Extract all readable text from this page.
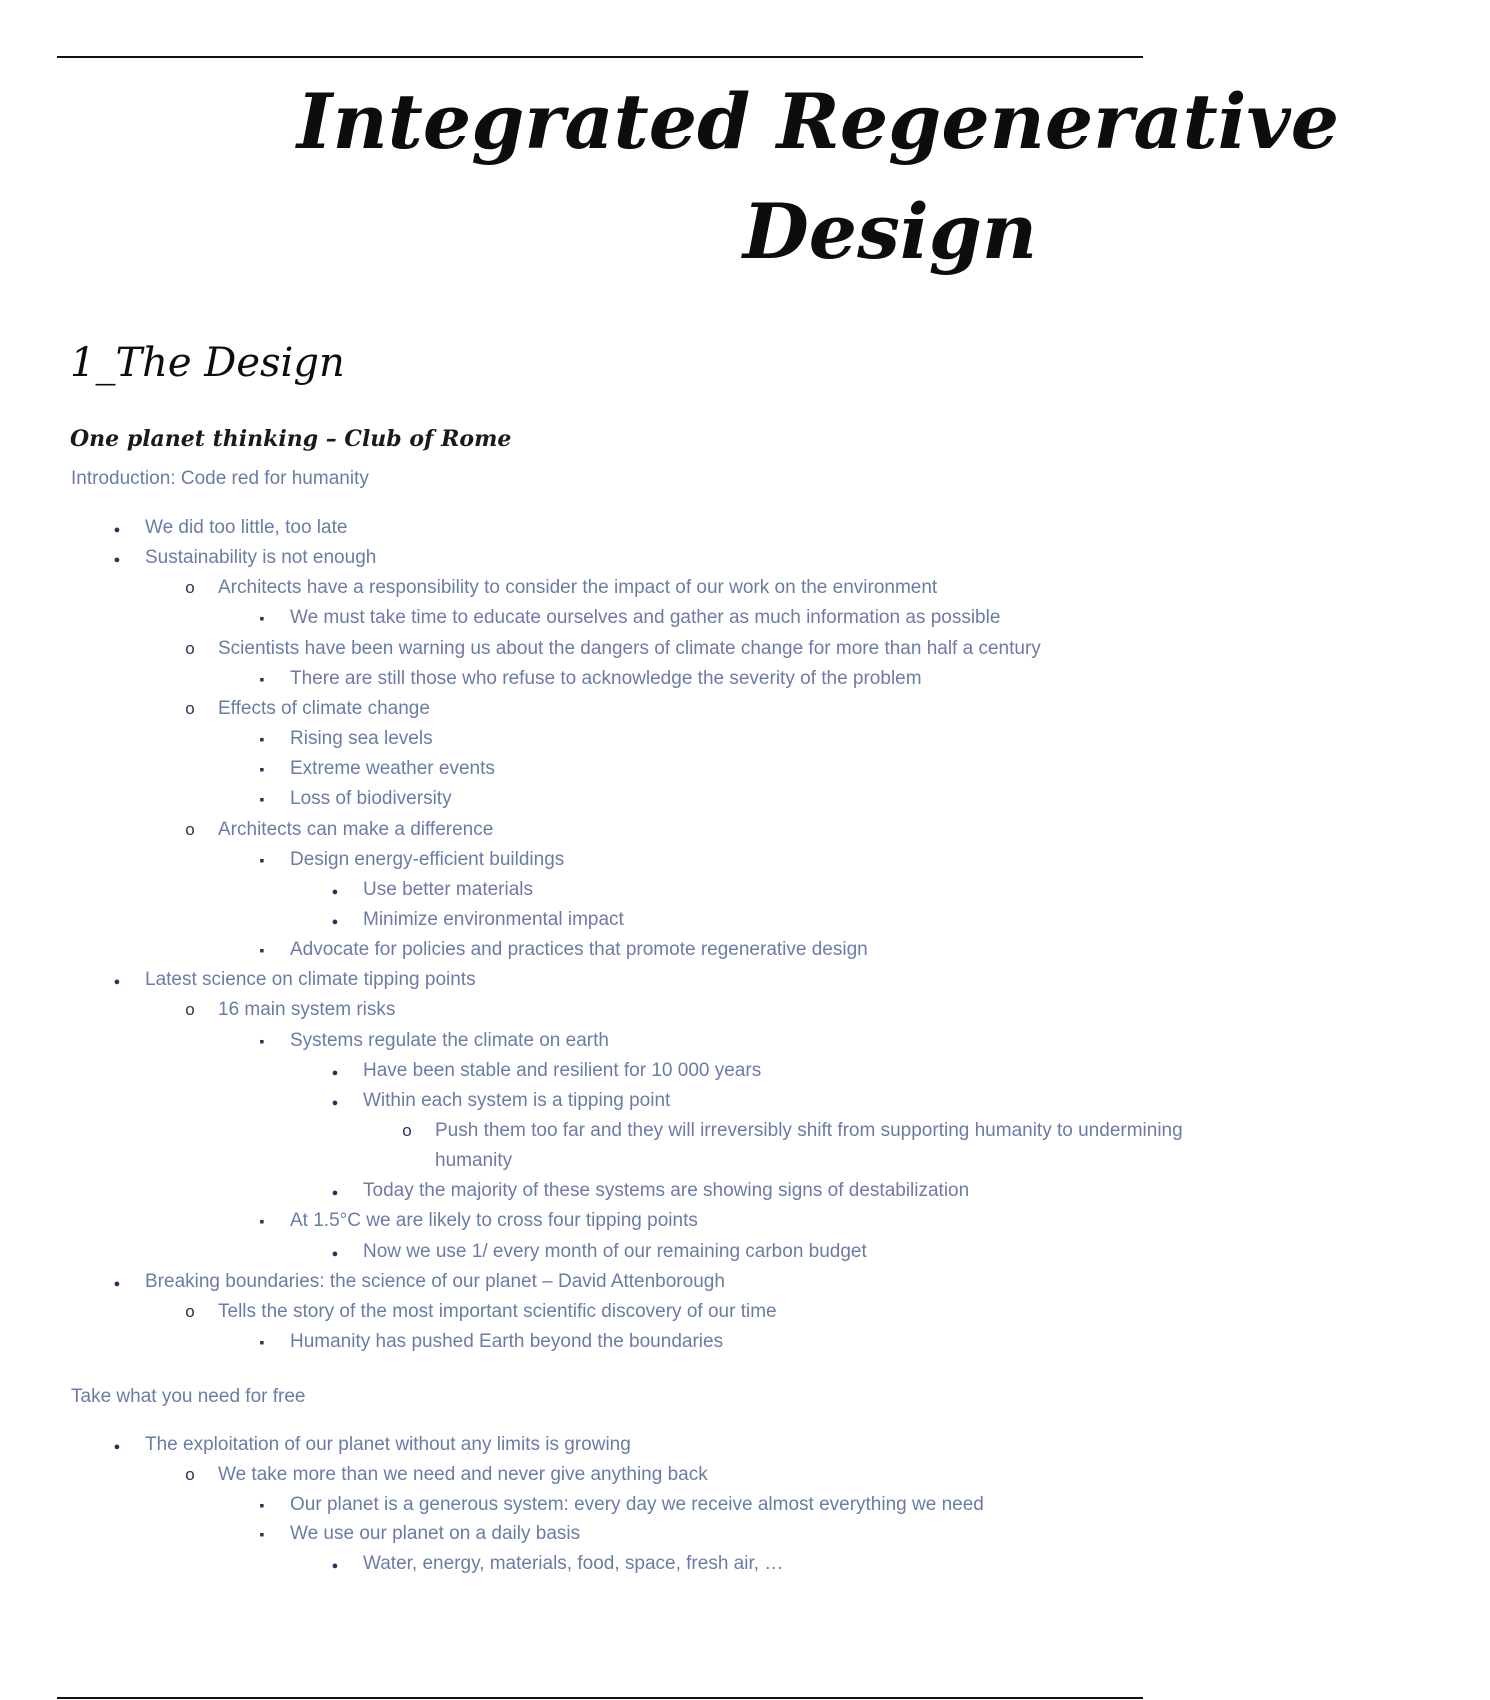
Integrated Regenerative
Design
1_The Design
One planet thinking – Club of Rome

Introduction: Code red for humanity

●
We did too little, too late
●
Sustainability is not enough
o
Architects have a responsibility to consider the impact of our work on the environment
▪
We must take time to educate ourselves and gather as much information as possible
o
Scientists have been warning us about the dangers of climate change for more than half a century
▪
There are still those who refuse to acknowledge the severity of the problem
o
Effects of climate change
▪
Rising sea levels
▪
Extreme weather events
▪
Loss of biodiversity
o
Architects can make a difference
▪
Design energy-efficient buildings
●
Use better materials
●
Minimize environmental impact
▪
Advocate for policies and practices that promote regenerative design
●
Latest science on climate tipping points
o
16 main system risks
▪
Systems regulate the climate on earth
●
Have been stable and resilient for 10 000 years
●
Within each system is a tipping point
o
Push them too far and they will irreversibly shift from supporting humanity to undermining
humanity
●
Today the majority of these systems are showing signs of destabilization
▪
At 1.5°C we are likely to cross four tipping points
●
Now we use 1/ every month of our remaining carbon budget
●
Breaking boundaries: the science of our planet – David Attenborough
o
Tells the story of the most important scientific discovery of our time
▪
Humanity has pushed Earth beyond the boundaries

Take what you need for free

●
The exploitation of our planet without any limits is growing
o
We take more than we need and never give anything back
▪
Our planet is a generous system: every day we receive almost everything we need
▪
We use our planet on a daily basis
●
Water, energy, materials, food, space, fresh air, …
